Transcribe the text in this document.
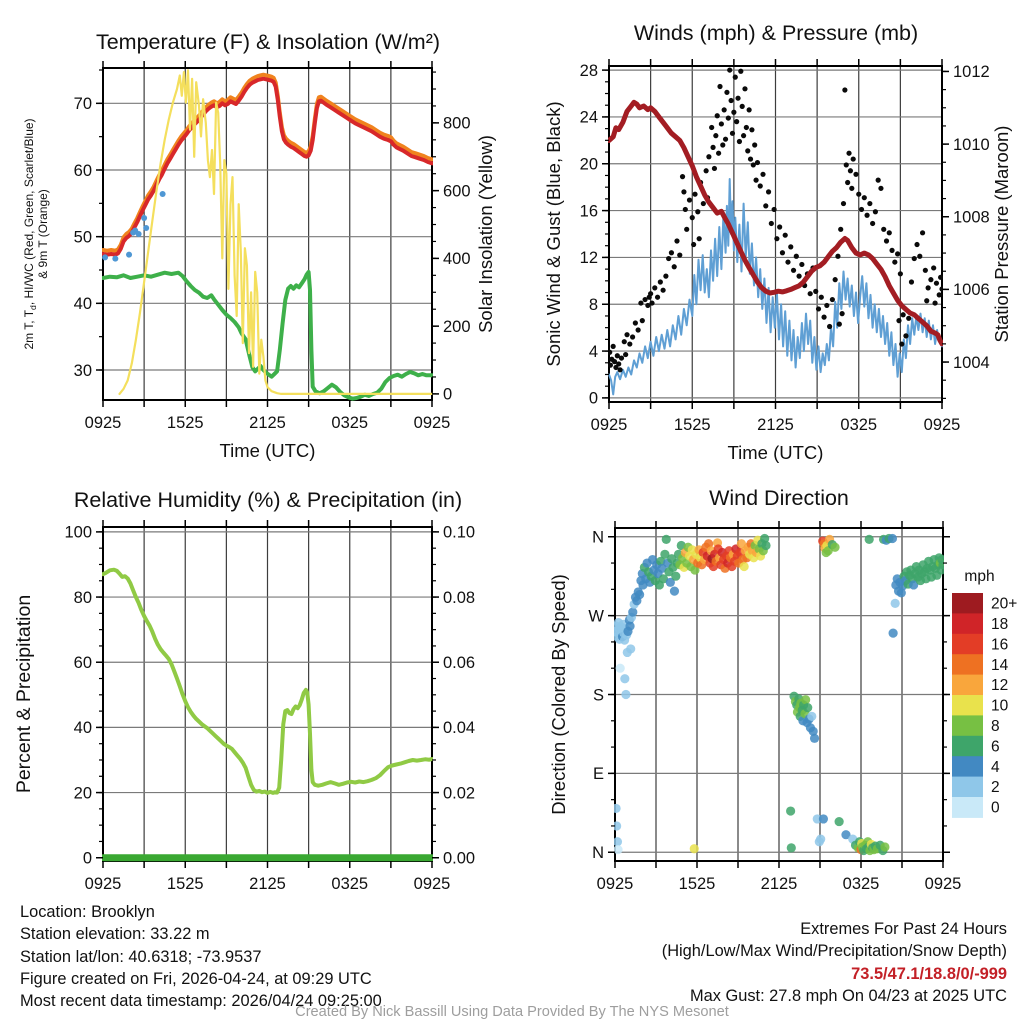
0925	1525	2125	0325	0925
Time (UTC)
30
40
50
60
70
0
200
400
600
800
2m T, $T_d$, HI/WC (Red, Green, Scarlet/Blue) & 9m T (Orange)	Solar Insolation (Yellow)
0925	1525	2125	0325	0925
Time (UTC)
0
4
8
12
16
20
24
28
1004
1006
1008
1010
1012
Sonic Wind & Gust (Blue, Black)	Station Pressure (Maroon)
0925	1525	2125	0325	0925
0
20
40
60
80
100
0.00
0.02
0.04
0.06
0.08
0.10
Percent & Precipitation
0925	1525	2125	0325	0925
N
E
S
W
N
Direction (Colored By Speed)	mph
20+
18
16
14
12
10
8
6
4
2
0
Temperature (F) & Insolation (W/m²)	Winds (mph) & Pressure (mb)
Relative Humidity (%) & Precipitation (in)	Wind Direction
Location: Brooklyn
Station elevation: 33.22 m
Station lat/lon: 40.6318; -73.9537
Figure created on Fri, 2026-04-24, at 09:29 UTC
Most recent data timestamp: 2026/04/24 09:25:00
Extremes For Past 24 Hours
(High/Low/Max Wind/Precipitation/Snow Depth)
73.5/47.1/18.8/0/-999
Max Gust: 27.8 mph On 04/23 at 2025 UTC
Created By Nick Bassill Using Data Provided By The NYS Mesonet
